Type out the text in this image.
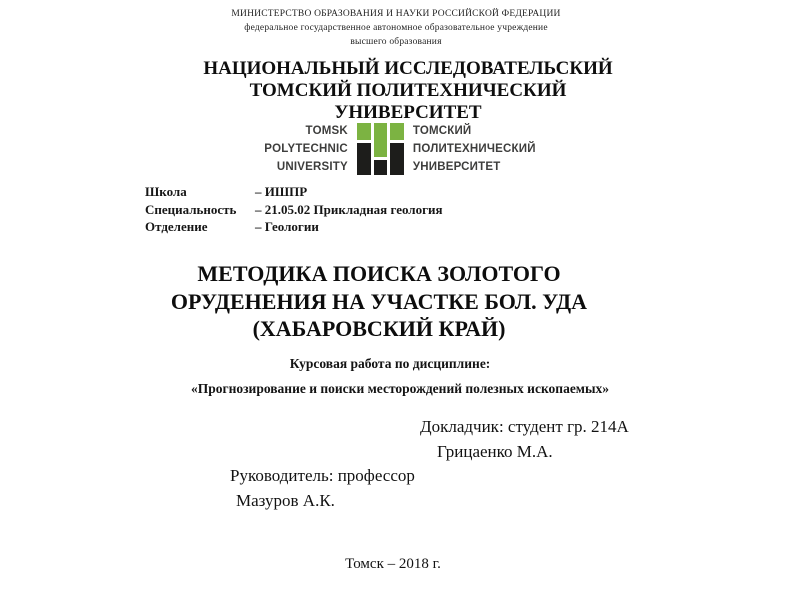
МИНИСТЕРСТВО ОБРАЗОВАНИЯ И НАУКИ РОССИЙСКОЙ ФЕДЕРАЦИИ
федеральное государственное автономное образовательное учреждение
высшего образования
НАЦИОНАЛЬНЫЙ ИССЛЕДОВАТЕЛЬСКИЙ
ТОМСКИЙ ПОЛИТЕХНИЧЕСКИЙ
УНИВЕРСИТЕТ
TOMSK
POLYTECHNIC
UNIVERSITY
ТОМСКИЙ
ПОЛИТЕХНИЧЕСКИЙ
УНИВЕРСИТЕТ
Школа	– ИШПР
Специальность	– 21.05.02 Прикладная геология
Отделение	– Геологии
МЕТОДИКА ПОИСКА ЗОЛОТОГО
ОРУДЕНЕНИЯ НА УЧАСТКЕ БОЛ. УДА
(ХАБАРОВСКИЙ КРАЙ)
Курсовая работа по дисциплине:
«Прогнозирование и поиски месторождений полезных ископаемых»
Докладчик: студент гр. 214А
Грицаенко М.А.
Руководитель: профессор
Мазуров А.К.
Томск – 2018 г.
